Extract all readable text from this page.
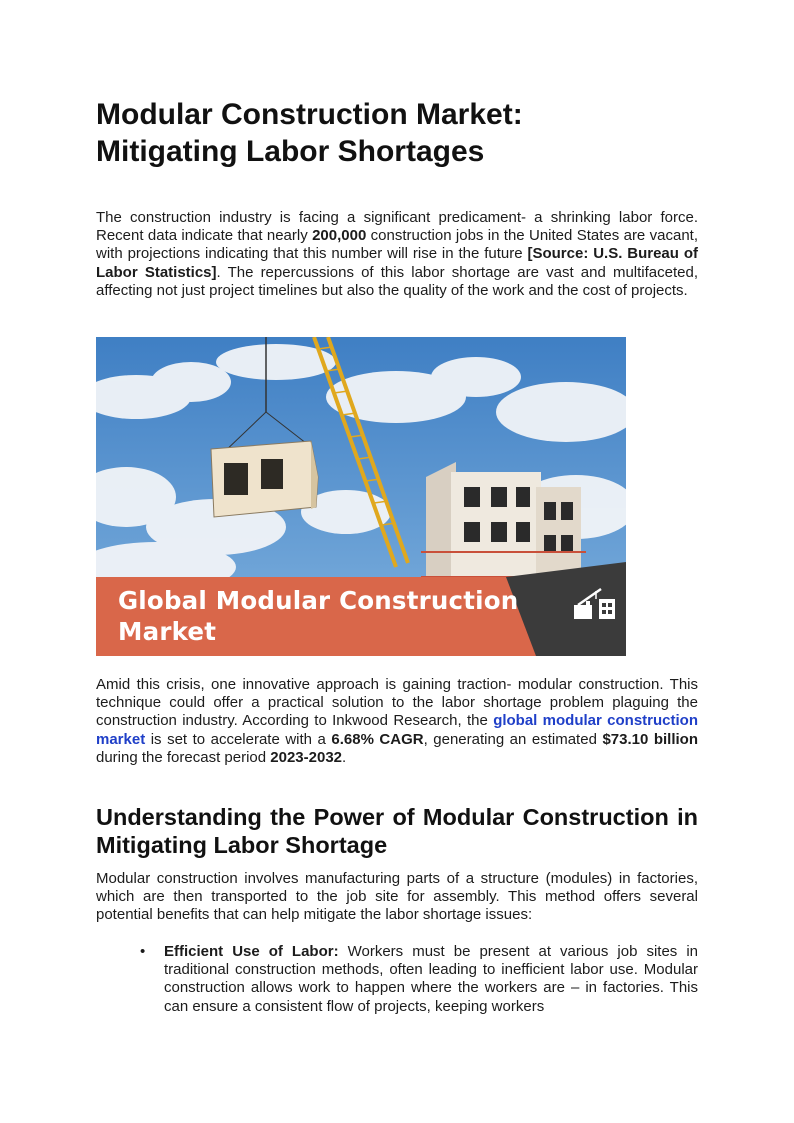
Modular Construction Market:
Mitigating Labor Shortages

The construction industry is facing a significant predicament- a shrinking labor force. Recent data indicate that nearly 200,000 construction jobs in the United States are vacant, with projections indicating that this number will rise in the future [Source: U.S. Bureau of Labor Statistics]. The repercussions of this labor shortage are vast and multifaceted, affecting not just project timelines but also the quality of the work and the cost of projects.

Global Modular Construction
Market

Amid this crisis, one innovative approach is gaining traction- modular construction. This technique could offer a practical solution to the labor shortage problem plaguing the construction industry. According to Inkwood Research, the global modular construction market is set to accelerate with a 6.68% CAGR, generating an estimated $73.10 billion during the forecast period 2023-2032.

Understanding the Power of Modular Construction in Mitigating Labor Shortage

Modular construction involves manufacturing parts of a structure (modules) in factories, which are then transported to the job site for assembly. This method offers several potential benefits that can help mitigate the labor shortage issues:

• Efficient Use of Labor: Workers must be present at various job sites in traditional construction methods, often leading to inefficient labor use. Modular construction allows work to happen where the workers are – in factories. This can ensure a consistent flow of projects, keeping workers
